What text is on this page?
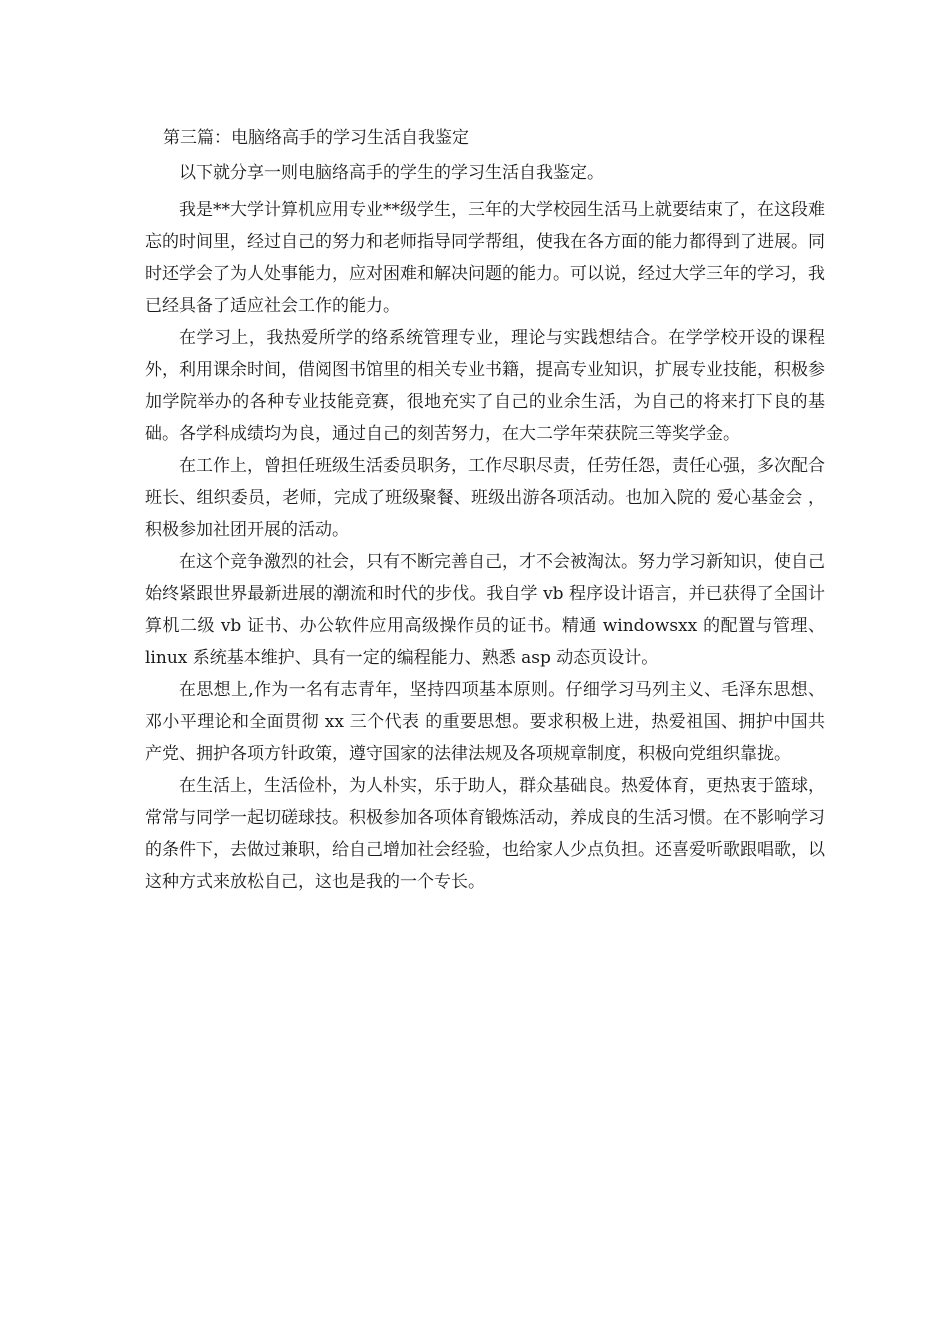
第三篇：电脑络高手的学习生活自我鉴定

以下就分享一则电脑络高手的学生的学习生活自我鉴定。

我是**大学计算机应用专业**级学生，三年的大学校园生活马上就要结束了，在这段难忘的时间里，经过自己的努力和老师指导同学帮组，使我在各方面的能力都得到了进展。同时还学会了为人处事能力，应对困难和解决问题的能力。可以说，经过大学三年的学习，我已经具备了适应社会工作的能力。

在学习上，我热爱所学的络系统管理专业，理论与实践想结合。在学学校开设的课程外，利用课余时间，借阅图书馆里的相关专业书籍，提高专业知识，扩展专业技能，积极参加学院举办的各种专业技能竞赛，很地充实了自己的业余生活，为自己的将来打下良的基础。各学科成绩均为良，通过自己的刻苦努力，在大二学年荣获院三等奖学金。

在工作上，曾担任班级生活委员职务，工作尽职尽责，任劳任怨，责任心强，多次配合班长、组织委员，老师，完成了班级聚餐、班级出游各项活动。也加入院的 爱心基金会 ，积极参加社团开展的活动。

在这个竞争激烈的社会，只有不断完善自己，才不会被淘汰。努力学习新知识，使自己始终紧跟世界最新进展的潮流和时代的步伐。我自学 vb 程序设计语言，并已获得了全国计算机二级 vb 证书、办公软件应用高级操作员的证书。精通 windowsxx 的配置与管理、linux 系统基本维护、具有一定的编程能力、熟悉 asp 动态页设计。

在思想上,作为一名有志青年，坚持四项基本原则。仔细学习马列主义、毛泽东思想、邓小平理论和全面贯彻 xx 三个代表 的重要思想。要求积极上进，热爱祖国、拥护中国共产党、拥护各项方针政策，遵守国家的法律法规及各项规章制度，积极向党组织靠拢。

在生活上，生活俭朴，为人朴实，乐于助人，群众基础良。热爱体育，更热衷于篮球，常常与同学一起切磋球技。积极参加各项体育锻炼活动，养成良的生活习惯。在不影响学习的条件下，去做过兼职，给自己增加社会经验，也给家人少点负担。还喜爱听歌跟唱歌，以这种方式来放松自己，这也是我的一个专长。
